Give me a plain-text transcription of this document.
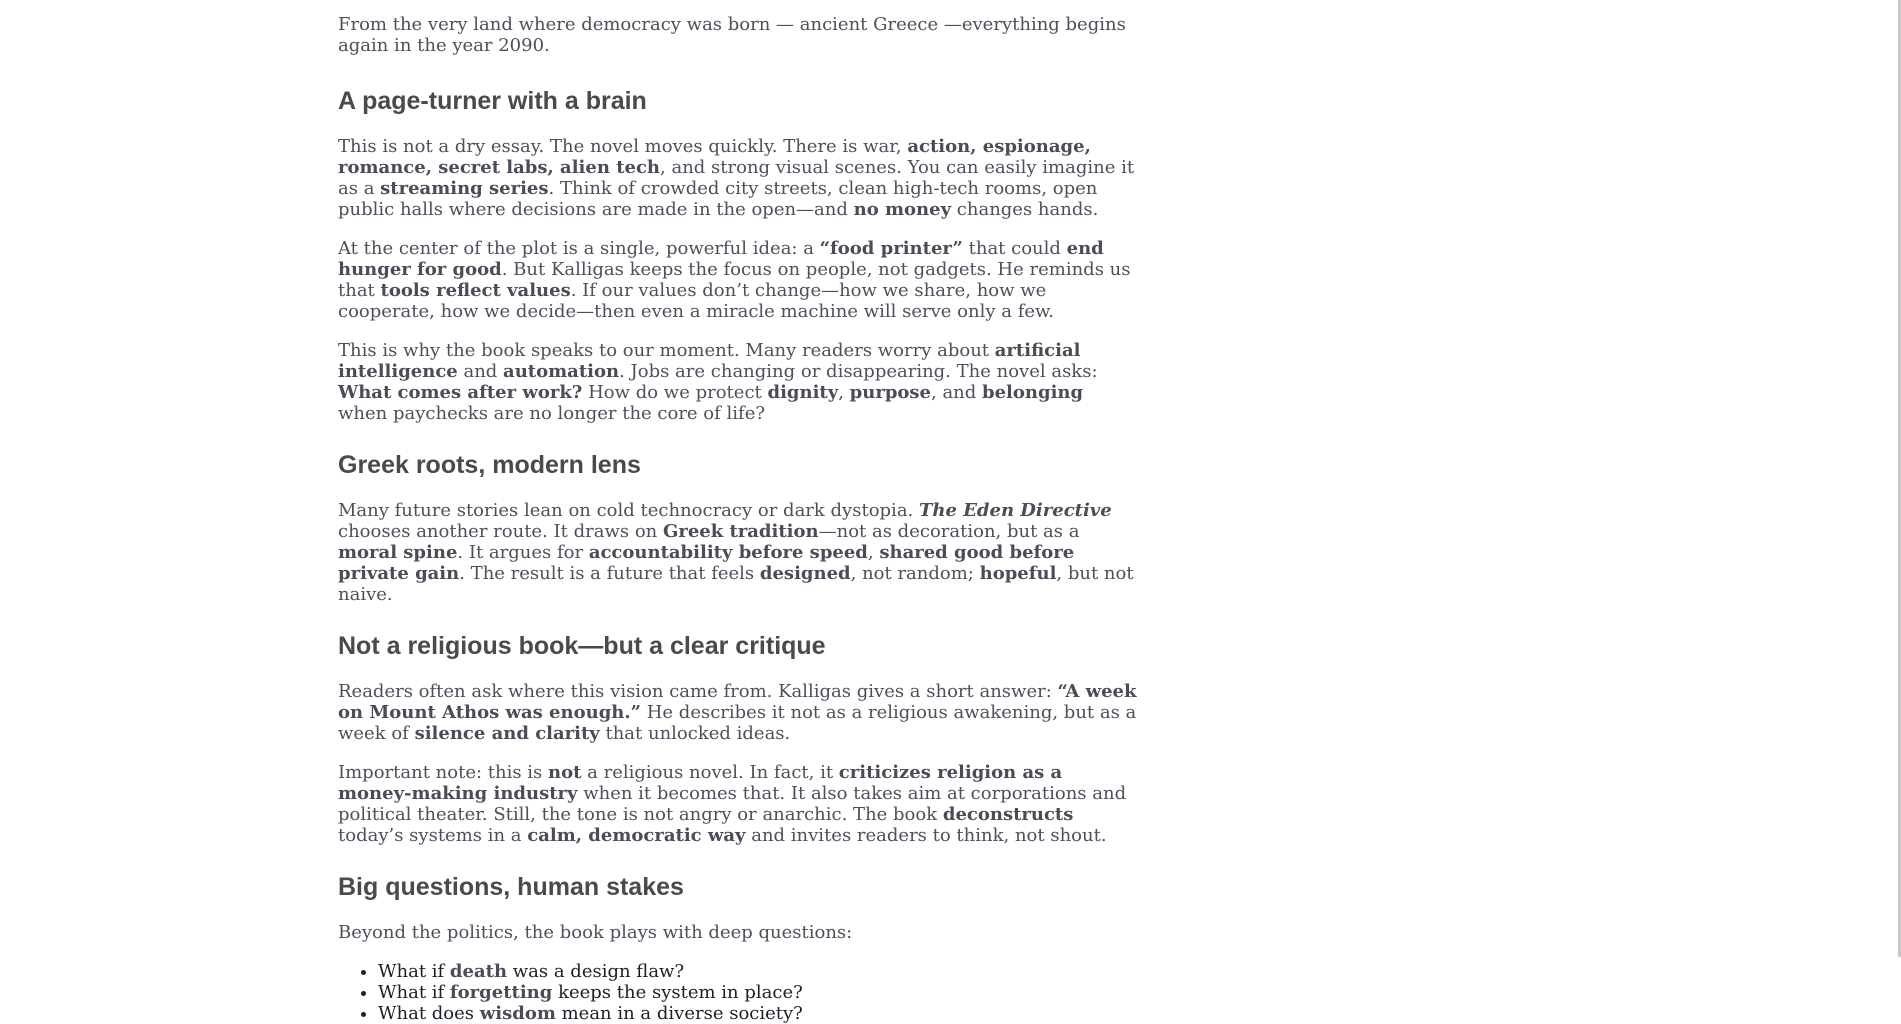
From the very land where democracy was born — ancient Greece —everything begins again in the year 2090.

A page-turner with a brain

This is not a dry essay. The novel moves quickly. There is war, action, espionage, romance, secret labs, alien tech, and strong visual scenes. You can easily imagine it as a streaming series. Think of crowded city streets, clean high-tech rooms, open public halls where decisions are made in the open—and no money changes hands.

At the center of the plot is a single, powerful idea: a “food printer” that could end hunger for good. But Kalligas keeps the focus on people, not gadgets. He reminds us that tools reflect values. If our values don’t change—how we share, how we cooperate, how we decide—then even a miracle machine will serve only a few.

This is why the book speaks to our moment. Many readers worry about artificial intelligence and automation. Jobs are changing or disappearing. The novel asks: What comes after work? How do we protect dignity, purpose, and belonging when paychecks are no longer the core of life?

Greek roots, modern lens

Many future stories lean on cold technocracy or dark dystopia. The Eden Directive chooses another route. It draws on Greek tradition—not as decoration, but as a moral spine. It argues for accountability before speed, shared good before private gain. The result is a future that feels designed, not random; hopeful, but not naive.

Not a religious book—but a clear critique

Readers often ask where this vision came from. Kalligas gives a short answer: “A week on Mount Athos was enough.” He describes it not as a religious awakening, but as a week of silence and clarity that unlocked ideas.

Important note: this is not a religious novel. In fact, it criticizes religion as a money-making industry when it becomes that. It also takes aim at corporations and political theater. Still, the tone is not angry or anarchic. The book deconstructs today’s systems in a calm, democratic way and invites readers to think, not shout.

Big questions, human stakes

Beyond the politics, the book plays with deep questions:

• What if death was a design flaw?
• What if forgetting keeps the system in place?
• What does wisdom mean in a diverse society?
